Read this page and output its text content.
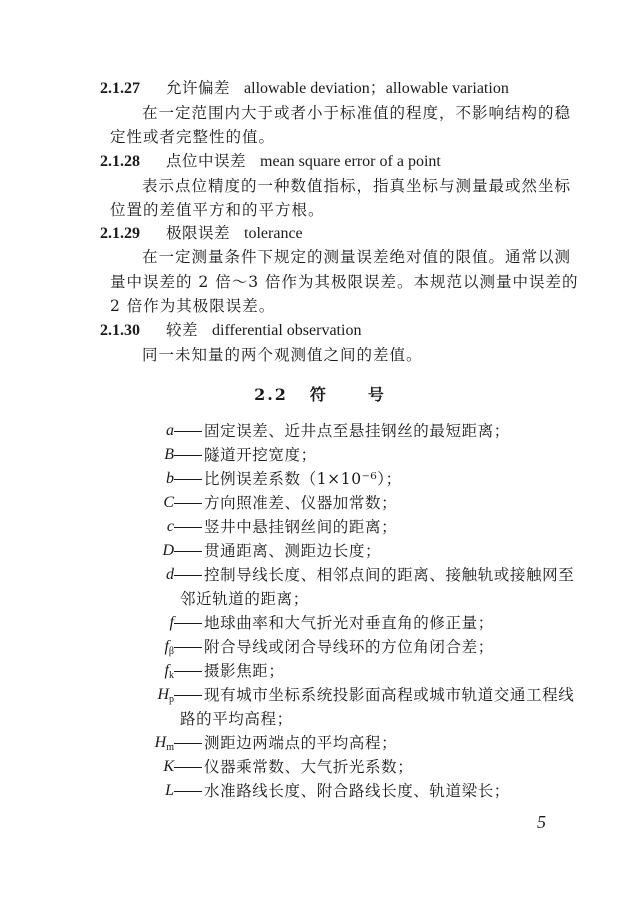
2.1.27 允许偏差 allowable deviation；allowable variation
在一定范围内大于或者小于标准值的程度，不影响结构的稳
定性或者完整性的值。
2.1.28 点位中误差 mean square error of a point
表示点位精度的一种数值指标，指真坐标与测量最或然坐标
位置的差值平方和的平方根。
2.1.29 极限误差 tolerance
在一定测量条件下规定的测量误差绝对值的限值。通常以测
量中误差的 2 倍～3 倍作为其极限误差。本规范以测量中误差的
2 倍作为其极限误差。
2.1.30 较差 differential observation
同一未知量的两个观测值之间的差值。
2.2 符	号
a 固定误差、近井点至悬挂钢丝的最短距离；
B 隧道开挖宽度；
b 比例误差系数（1×10⁻⁶）；
C 方向照准差、仪器加常数；
c 竖井中悬挂钢丝间的距离；
D 贯通距离、测距边长度；
d 控制导线长度、相邻点间的距离、接触轨或接触网至
邻近轨道的距离；
f 地球曲率和大气折光对垂直角的修正量；
$f_\beta$ 附合导线或闭合导线环的方位角闭合差；
$f_k$ 摄影焦距；
$H_p$ 现有城市坐标系统投影面高程或城市轨道交通工程线
路的平均高程；
$H_m$ 测距边两端点的平均高程；
K 仪器乘常数、大气折光系数；
L 水准路线长度、附合路线长度、轨道梁长；
5
